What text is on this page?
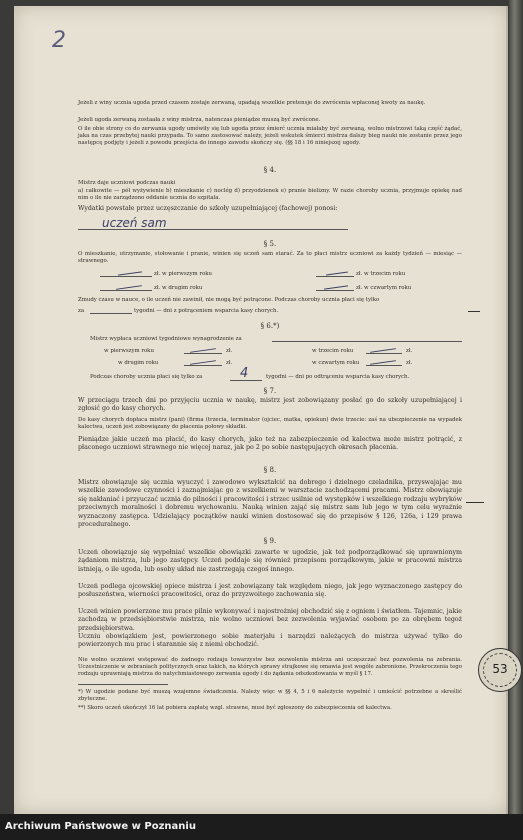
2
Jeżeli z winy ucznia ugoda przed czasem zostaje zerwaną, upadają wszelkie pretensje do zwrócenia wpłaconej kwoty za naukę.
Jeżeli ugoda zerwaną zostaała z winy mistrza, natenczas pieniądze muszą być zwrócone.
O ile obie strony co do zerwania ugody umówiły się lub ugoda przez śmierć ucznia miałaby być zerwaną, wolno mistrzowi taką część żądać, jaka na czas przebytej nauki przypada. To samo zastosować należy, jeżeli wskutek śmierci mistrza dalszy bieg nauki nie zostanie przez jego następcę podjęty i jeżeli z powodu przejścia do innego zawodu skończy się. (§§ 18 i 16 niniejszej ugody.
§ 4.
Mistrz daje uczniowi podczas nauki
a) całkowite — péł wyżywienie b) mieszkanie c) noclég d) przyodzienek e) pranie bielizny. W razie choroby ucznia, przyjmuje opiekę nad nim o ile nie zarządzono oddanie ucznia do szpitala.
Wydatki powstałe przez uczęszczanie do szkoły uzupełniającej (fachowej) ponosi:
uczeń sam
§ 5.
O mieszkanie, utrzymanie, stołowanie i pranie, winien się uczeń sam starać. Za to płaci mistrz uczniowi za każdy tydzień — miesiąc — strawnego.
zł. w pierwszym roku	zł. w trzecim roku
zł. w drugim roku	zł. w czwartym roku
Zmudy czasu w nauce, o ile uczeń nie zawinił, nie mogą być potrącone. Podczas choroby ucznia płaci się tylko
za	tygodni — dni z potrąceniem wsparcia kasy chorych.
§ 6.*)
Mistrz wypłaca uczniowi tygodniowe wynagrodzenie za
w pierwszym roku	zł.	w trzecim roku	zł.
w drugim roku	zł.	w czwartym roku	zł.
Podczas choroby ucznia płaci się tylko za	4	tygodni — dni po odtrąceniu wsparcia kasy chorych.
§ 7.
W przeciągu trzech dni po przyjęciu ucznia w naukę, mistrz jest zobowiązany posłać go do szkoły uzupełniającej i zgłosić go do kasy chorych.
Do kasy chorych dopłaca mistrz (pani) (firma (trzecia, terminator (ojciec, matka, opiekun) dwie trzecie: zaś na ubezpieczenie na wypadek kalectwa, uczeń jest zobowiązany do płacenia połowy składki.
Pieniądze jakie uczeń ma płacić, do kasy chorych, jako też na zabezpieczenie od kalectwa może mistrz potrącić, z płaconego uczniowi strawnego nie więcej naraz, jak po 2 po sobie następujących okresach płacenia.
§ 8.
Mistrz obowiązuje się ucznia wyuczyć i zawodowo wykształcić na dobrego i dzielnego czeladnika, przyswajając mu wszelkie zawodowe czynności i zaznajmiając go z wszelkiemi w warsztacie zachodzącemi pracami. Mistrz obowiązuje się nakłaniać i przyuczać ucznia do pilności i pracowitości i strzec usilnie od występków i wszelkiego rodzaju wybryków przeciwnych moralności i dobremu wychowaniu. Nauką winien zająć się mistrz sam lub jego w tym celu wyraźnie wyznaczony zastępca. Udzielający początków nauki winien dostosować się do przepisów § 126, 126a, i 129 prawa proceduralnego.
§ 9.
Uczeń obowiązuje się wypełniać wszelkie obowiązki zawarte w ugodzie, jak też podporządkować się uprawnionym żądaniom mistrza, lub jego zastępcy. Uczeń poddaje się również przepisom porządkowym, jakie w pracowni mistrza istnieją, o ile ugoda, lub osoby układ nie zastrzegają czegoś innego.
Uczeń podlega ojcowskiej opiece mistrza i jest zobowiązany tak względem niego, jak jego wyznaczonego zastępcy do posłuszeństwa, wierności pracowitości, oraz do przyzwoitego zachowania się.
Uczeń winien powierzone mu prace pilnie wykonywać i najostrożniej obchodzić się z ogniem i światłem. Tajemnic, jakie zachodzą w przedsiębiorstwie mistrza, nie wolno uczniowi bez zezwolenia wyjawiać osobom po za obrębem tegoż przedsiębiorstwa.
Uczniu obowiązkiem jest, powierzonego sobie materjału i narzędzi należących do mistrza używać tylko do powierzonych mu prac i starannie się z niemi obchodzić.
Nie wolno uczniowi wstępować do żadnego rodzaju towarzystw bez zezwolenia mistrza ani uczęszczać bez pozwolenia na zebrania. Uczestniczenie w zebraniach politycznych oraz takich, na których sprawy strajkowe się omawia jest wogóle zabronione. Przekroczenia tego rodzaju uprawniają mistrza do natychmiastowego zerwania ugody i do żądania odszkodowania w myśl § 17.
*) W ugodzie podane być muszą wzajemne świadczenia. Należy więc w §§ 4, 5 i 6 należycie wypełnić i umieścić potrzebne a skreślić zbyteczne.
**) Skoro uczeń ukończył 16 lat pobiera zapłatę wzgl. strawne, musi być zgłoszony do zabezpieczenia od kalectwa.
53
Archiwum Państwowe w Poznaniu
